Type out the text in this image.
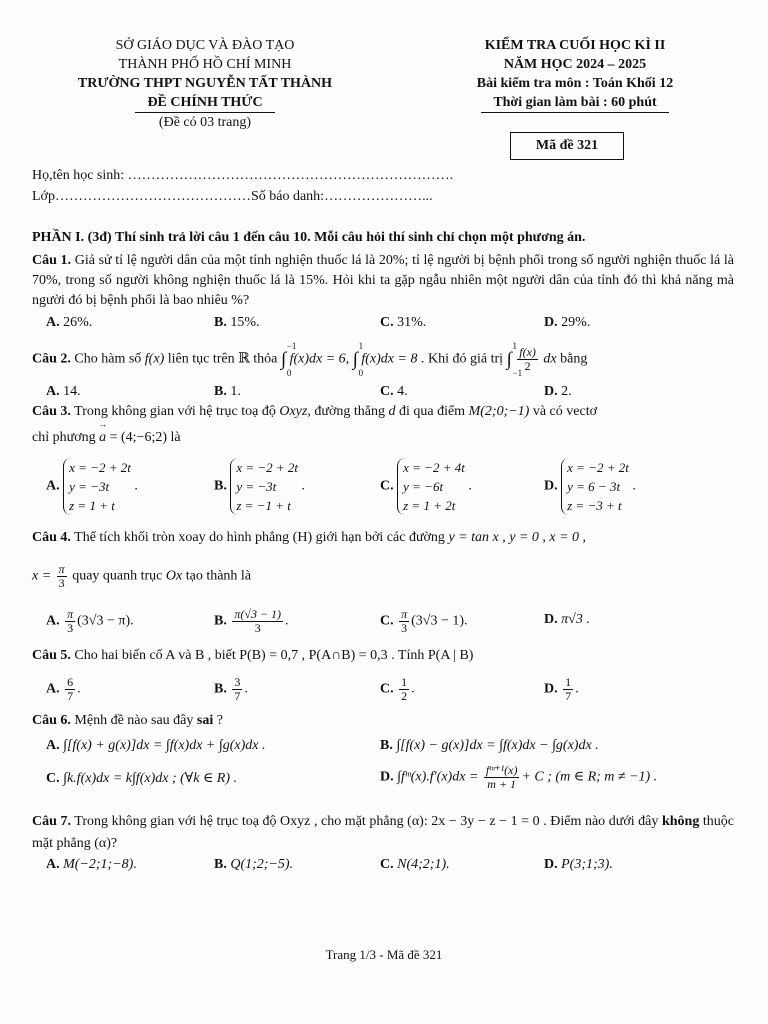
SỞ GIÁO DỤC VÀ ĐÀO TẠO
THÀNH PHỐ HỒ CHÍ MINH
TRƯỜNG THPT NGUYỄN TẤT THÀNH
ĐỀ CHÍNH THỨC
(Đề có 03 trang)
KIỂM TRA CUỐI HỌC KÌ II
NĂM HỌC 2024 – 2025
Bài kiểm tra môn : Toán Khối 12
Thời gian làm bài : 60 phút
Mã đề 321
Họ,tên học sinh: …………………………………………………………….
Lớp……………………………………Số báo danh:…………………...
PHẦN I. (3đ) Thí sinh trả lời câu 1 đến câu 10. Mỗi câu hỏi thí sinh chỉ chọn một phương án.
Câu 1. Giả sử tỉ lệ người dân của một tỉnh nghiện thuốc lá là 20%; tỉ lệ người bị bệnh phổi trong số người nghiện thuốc lá là 70%, trong số người không nghiện thuốc lá là 15%. Hỏi khi ta gặp ngẫu nhiên một người dân của tỉnh đó thì khả năng mà người đó bị bệnh phổi là bao nhiêu %?
A. 26%.	B. 15%.	C. 31%.	D. 29%.
Câu 2. Cho hàm số f(x) liên tục trên ℝ thỏa ∫
−1
0
f(x)dx = 6, ∫
1
0
f(x)dx = 8 . Khi đó giá trị ∫
1
−1

$\frac{f(x)}{2}$ dx bằng
A. 14.	B. 1.	C. 4.	D. 2.
Câu 3. Trong không gian với hệ trục toạ độ Oxyz, đường thẳng d đi qua điểm M(2;0;−1) và có vectơ
chỉ phương → a = (4;−6;2) là
A. x = −2 + 2t
y = −3t
z = 1 + t .	B. x = −2 + 2t
y = −3t
z = −1 + t .	C. x = −2 + 4t
y = −6t
z = 1 + 2t .	D. x = −2 + 2t
y = 6 − 3t
z = −3 + t .
Câu 4. Thể tích khối tròn xoay do hình phẳng (H) giới hạn bởi các đường y = tan x , y = 0 , x = 0 ,
$x = \frac{\pi}{3}$ quay quanh trục Ox tạo thành là
A. $\frac{\pi}{3} (3√3 - \pi)$.	B. $\frac{\pi(√3 - 1)}{3}$ .	C. $\frac{\pi}{3} (3√3 - 1)$.	D. π√3 .
Câu 5. Cho hai biến cố A và B , biết P(B) = 0,7 , P(A∩B) = 0,3 . Tính P(A | B)
A. $\frac{6}{7}$ .	B. $\frac{3}{7}$ .	C. $\frac{1}{2}$ .	D. $\frac{1}{7}$ .
Câu 6. Mệnh đề nào sau đây sai ?
A. ∫[f(x) + g(x)]dx = ∫f(x)dx + ∫g(x)dx .	B. ∫[f(x) − g(x)]dx = ∫f(x)dx − ∫g(x)dx .
C. ∫k.f(x)dx = k∫f(x)dx ; (∀k ∈ R) .	D. ∫fᵐ(x).f′(x)dx = $\frac{\text{fᵐ⁺¹(x)}}{m + 1} + C$ ; (m ∈ R; m ≠ −1) .
Câu 7. Trong không gian với hệ trục toạ độ Oxyz , cho mặt phẳng (α): 2x − 3y − z − 1 = 0 . Điểm nào dưới đây không thuộc mặt phẳng (α)?
A. M(−2;1;−8).	B. Q(1;2;−5).	C. N(4;2;1).	D. P(3;1;3).
Trang 1/3 - Mã đề 321
